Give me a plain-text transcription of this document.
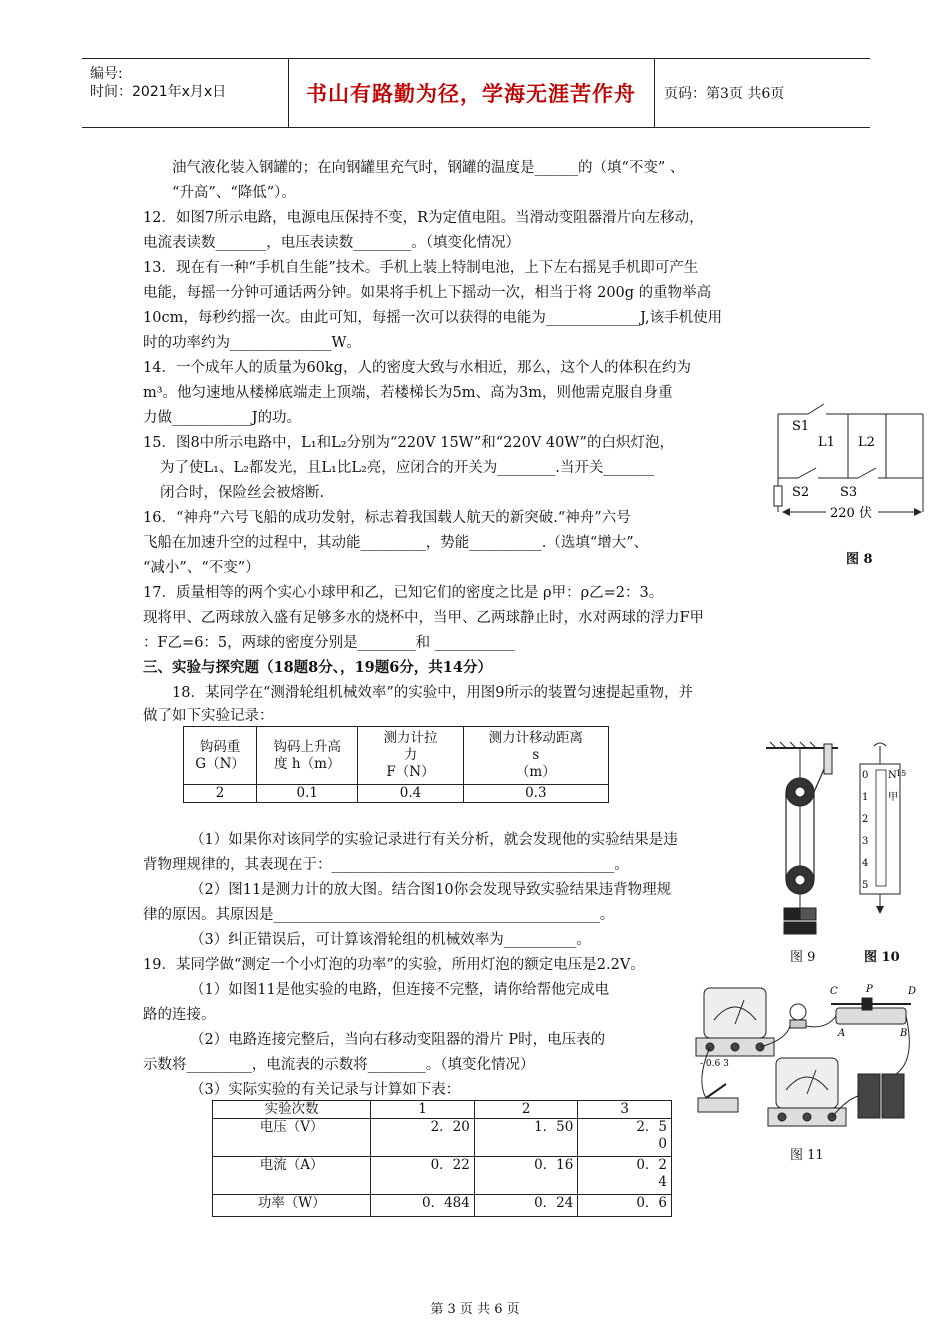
编号:
时间：2021年x月x日	书山有路勤为径，学海无涯苦作舟	页码：第3页 共6页
油气液化装入钢罐的；在向钢罐里充气时，钢罐的温度是______的（填“不变” 、
“升高”、“降低”）。
12．如图7所示电路，电源电压保持不变，R为定值电阻。当滑动变阻器滑片向左移动，
电流表读数_______，电压表读数________。（填变化情况）
13．现在有一种“手机自生能”技术。手机上装上特制电池，上下左右摇晃手机即可产生
电能，每摇一分钟可通话两分钟。如果将手机上下摇动一次，相当于将 200g 的重物举高
10cm，每秒约摇一次。由此可知，每摇一次可以获得的电能为_____________J,该手机使用
时的功率约为______________W。
14．一个成年人的质量为60kg，人的密度大致与水相近，那么，这个人的体积在约为
m³。他匀速地从楼梯底端走上顶端，若楼梯长为5m、高为3m，则他需克服自身重
力做___________J的功。
15．图8中所示电路中，L₁和L₂分别为“220V 15W”和“220V 40W”的白炽灯泡，
为了使L₁、L₂都发光，且L₁比L₂亮，应闭合的开关为________.当开关_______
闭合时，保险丝会被熔断.
16．“神舟”六号飞船的成功发射，标志着我国载人航天的新突破.“神舟”六号
飞船在加速升空的过程中，其动能_________，势能__________.（选填“增大”、
“减小”、“不变”）
17．质量相等的两个实心小球甲和乙，已知它们的密度之比是 ρ甲：ρ乙=2：3。
现将甲、乙两球放入盛有足够多水的烧杯中，当甲、乙两球静止时，水对两球的浮力F甲
：F乙=6：5，两球的密度分别是________和 ___________
三、实验与探究题（18题8分、，19题6分，共14分）
18．某同学在“测滑轮组机械效率”的实验中，用图9所示的装置匀速提起重物，并
做了如下实验记录：
钩码重
G（N）	钩码上升高
度 h（m）	测力计拉
力
F（N）	测力计移动距离
s
（m）
2	0.1	0.4	0.3
（1）如果你对该同学的实验记录进行有关分析，就会发现他的实验结果是违
背物理规律的，其表现在于：_______________________________________。
（2）图11是测力计的放大图。结合图10你会发现导致实验结果违背物理规
律的原因。其原因是_____________________________________________。
（3）纠正错误后，可计算该滑轮组的机械效率为__________。
19．某同学做“测定一个小灯泡的功率”的实验，所用灯泡的额定电压是2.2V。
（1）如图11是他实验的电路，但连接不完整，请你给帮他完成电
路的连接。
（2）电路连接完整后，当向右移动变阻器的滑片 P时，电压表的
示数将_________，电流表的示数将________。（填变化情况）
（3）实际实验的有关记录与计算如下表：
实验次数	1	2	3
电压（V）	2．20	1．50	2．5
0
电流（A）	0．22	0．16	0．2
4
功率（W）	0．484	0．24	0．6
S1
L1 L2
S2 S3
220 伏
图 8
图 9
0 N 15
1
2
3
4
5
甲
图 10
C	P	D
A	B
- 0.6 3
图 11
第 3 页 共 6 页
